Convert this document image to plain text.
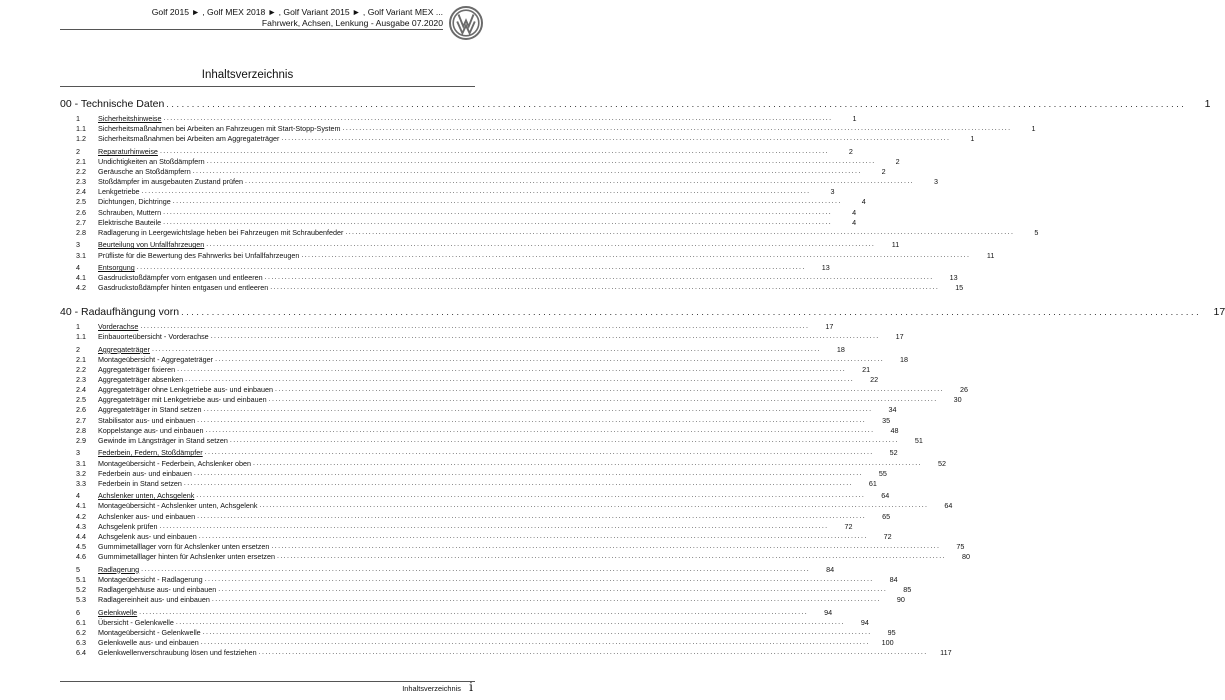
Golf 2015 ► , Golf MEX 2018 ► , Golf Variant 2015 ► , Golf Variant MEX ...
Fahrwerk, Achsen, Lenkung - Ausgabe 07.2020
Inhaltsverzeichnis
00 - Technische Daten ........................................................................................................................................................................................................	1
1	Sicherheitshinweise ........................................................................................................................................................................................................	1
1.1	Sicherheitsmaßnahmen bei Arbeiten an Fahrzeugen mit Start-Stopp-System ........................................................................................................................................................................................................	1
1.2	Sicherheitsmaßnahmen bei Arbeiten am Aggregateträger ........................................................................................................................................................................................................	1
2	Reparaturhinweise ........................................................................................................................................................................................................	2
2.1	Undichtigkeiten an Stoßdämpfern ........................................................................................................................................................................................................	2
2.2	Geräusche an Stoßdämpfern ........................................................................................................................................................................................................	2
2.3	Stoßdämpfer im ausgebauten Zustand prüfen ........................................................................................................................................................................................................	3
2.4	Lenkgetriebe ........................................................................................................................................................................................................	3
2.5	Dichtungen, Dichtringe ........................................................................................................................................................................................................	4
2.6	Schrauben, Muttern ........................................................................................................................................................................................................	4
2.7	Elektrische Bauteile ........................................................................................................................................................................................................	4
2.8	Radlagerung in Leergewichtslage heben bei Fahrzeugen mit Schraubenfeder ........................................................................................................................................................................................................	5
3	Beurteilung von Unfallfahrzeugen ........................................................................................................................................................................................................	11
3.1	Prüfliste für die Bewertung des Fahrwerks bei Unfallfahrzeugen ........................................................................................................................................................................................................	11
4	Entsorgung ........................................................................................................................................................................................................	13
4.1	Gasdruckstoßdämpfer vorn entgasen und entleeren ........................................................................................................................................................................................................	13
4.2	Gasdruckstoßdämpfer hinten entgasen und entleeren ........................................................................................................................................................................................................	15
40 - Radaufhängung vorn ........................................................................................................................................................................................................	17
1	Vorderachse ........................................................................................................................................................................................................	17
1.1	Einbauorteübersicht - Vorderachse ........................................................................................................................................................................................................	17
2	Aggregateträger ........................................................................................................................................................................................................	18
2.1	Montageübersicht - Aggregateträger ........................................................................................................................................................................................................	18
2.2	Aggregateträger fixieren ........................................................................................................................................................................................................	21
2.3	Aggregateträger absenken ........................................................................................................................................................................................................	22
2.4	Aggregateträger ohne Lenkgetriebe aus- und einbauen ........................................................................................................................................................................................................	26
2.5	Aggregateträger mit Lenkgetriebe aus- und einbauen ........................................................................................................................................................................................................	30
2.6	Aggregateträger in Stand setzen ........................................................................................................................................................................................................	34
2.7	Stabilisator aus- und einbauen ........................................................................................................................................................................................................	35
2.8	Koppelstange aus- und einbauen ........................................................................................................................................................................................................	48
2.9	Gewinde im Längsträger in Stand setzen ........................................................................................................................................................................................................	51
3	Federbein, Federn, Stoßdämpfer ........................................................................................................................................................................................................	52
3.1	Montageübersicht - Federbein, Achslenker oben ........................................................................................................................................................................................................	52
3.2	Federbein aus- und einbauen ........................................................................................................................................................................................................	55
3.3	Federbein in Stand setzen ........................................................................................................................................................................................................	61
4	Achslenker unten, Achsgelenk ........................................................................................................................................................................................................	64
4.1	Montageübersicht - Achslenker unten, Achsgelenk ........................................................................................................................................................................................................	64
4.2	Achslenker aus- und einbauen ........................................................................................................................................................................................................	65
4.3	Achsgelenk prüfen ........................................................................................................................................................................................................	72
4.4	Achsgelenk aus- und einbauen ........................................................................................................................................................................................................	72
4.5	Gummimetalllager vorn für Achslenker unten ersetzen ........................................................................................................................................................................................................	75
4.6	Gummimetalllager hinten für Achslenker unten ersetzen ........................................................................................................................................................................................................	80
5	Radlagerung ........................................................................................................................................................................................................	84
5.1	Montageübersicht - Radlagerung ........................................................................................................................................................................................................	84
5.2	Radlagergehäuse aus- und einbauen ........................................................................................................................................................................................................	85
5.3	Radlagereinheit aus- und einbauen ........................................................................................................................................................................................................	90
6	Gelenkwelle ........................................................................................................................................................................................................	94
6.1	Übersicht - Gelenkwelle ........................................................................................................................................................................................................	94
6.2	Montageübersicht - Gelenkwelle ........................................................................................................................................................................................................	95
6.3	Gelenkwelle aus- und einbauen ........................................................................................................................................................................................................	100
6.4	Gelenkwellenverschraubung lösen und festziehen ........................................................................................................................................................................................................	117
Inhaltsverzeichnis i
